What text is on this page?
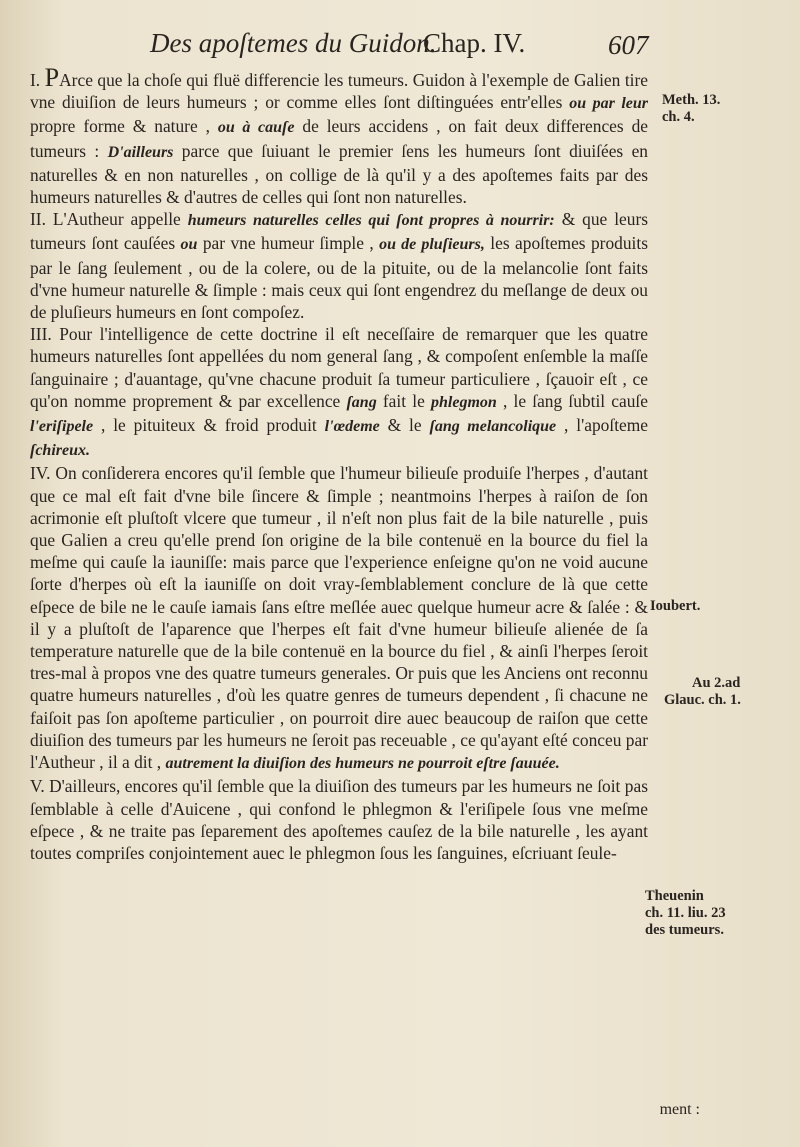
Des apoſtemes du Guidon.
Chap. IV.	607

I. PArce que la choſe qui fluë differencie les tumeurs. Guidon à l'exemple de Galien tire vne diuiſion de leurs humeurs ; or comme elles ſont diſtinguées entr'elles ou par leur propre forme & nature , ou à cauſe de leurs accidens , on fait deux differences de tumeurs : D'ailleurs parce que ſuiuant le premier ſens les humeurs ſont diuiſées en naturelles & en non naturelles , on collige de là qu'il y a des apoſtemes faits par des humeurs naturelles & d'autres de celles qui ſont non naturelles.

II. L'Autheur appelle humeurs naturelles celles qui ſont propres à nourrir: & que leurs tumeurs ſont cauſées ou par vne humeur ſimple , ou de pluſieurs, les apoſtemes produits par le ſang ſeulement , ou de la colere, ou de la pituite, ou de la melancolie ſont faits d'vne humeur naturelle & ſimple : mais ceux qui ſont engendrez du meſlange de deux ou de pluſieurs humeurs en ſont compoſez.

III. Pour l'intelligence de cette doctrine il eſt neceſſaire de remarquer que les quatre humeurs naturelles ſont appellées du nom general ſang , & compoſent enſemble la maſſe ſanguinaire ; d'auantage, qu'vne chacune produit ſa tumeur particuliere , ſçauoir eſt , ce qu'on nomme proprement & par excellence ſang fait le phlegmon , le ſang ſubtil cauſe l'eriſipele , le pituiteux & froid produit l'œdeme & le ſang melancolique , l'apoſteme ſchireux.

IV. On conſiderera encores qu'il ſemble que l'humeur bilieuſe produiſe l'herpes , d'autant que ce mal eſt fait d'vne bile ſincere & ſimple ; neantmoins l'herpes à raiſon de ſon acrimonie eſt pluſtoſt vlcere que tumeur , il n'eſt non plus fait de la bile naturelle , puis que Galien a creu qu'elle prend ſon origine de la bile contenuë en la bource du fiel la meſme qui cauſe la iauniſſe: mais parce que l'experience enſeigne qu'on ne void aucune ſorte d'herpes où eſt la iauniſſe on doit vray-ſemblablement conclure de là que cette eſpece de bile ne le cauſe iamais ſans eſtre meſlée auec quelque humeur acre & ſalée : & il y a pluſtoſt de l'aparence que l'herpes eſt fait d'vne humeur bilieuſe alienée de ſa temperature naturelle que de la bile contenuë en la bource du fiel , & ainſi l'herpes ſeroit tres-mal à propos vne des quatre tumeurs generales. Or puis que les Anciens ont reconnu quatre humeurs naturelles , d'où les quatre genres de tumeurs dependent , ſi chacune ne faiſoit pas ſon apoſteme particulier , on pourroit dire auec beaucoup de raiſon que cette diuiſion des tumeurs par les humeurs ne ſeroit pas receuable , ce qu'ayant eſté conceu par l'Autheur , il a dit , autrement la diuiſion des humeurs ne pourroit eſtre ſauuée.

V. D'ailleurs, encores qu'il ſemble que la diuiſion des tumeurs par les humeurs ne ſoit pas ſemblable à celle d'Auicene , qui confond le phlegmon & l'eriſipele ſous vne meſme eſpece , & ne traite pas ſeparement des apoſtemes cauſez de la bile naturelle , les ayant toutes compriſes conjointement auec le phlegmon ſous les ſanguines, eſcriuant ſeule-

Meth. 13.
ch. 4.
Ioubert.
Au 2.ad
Glauc. ch. 1.
Theuenin
ch. 11. liu. 23
des tumeurs.
ment :
